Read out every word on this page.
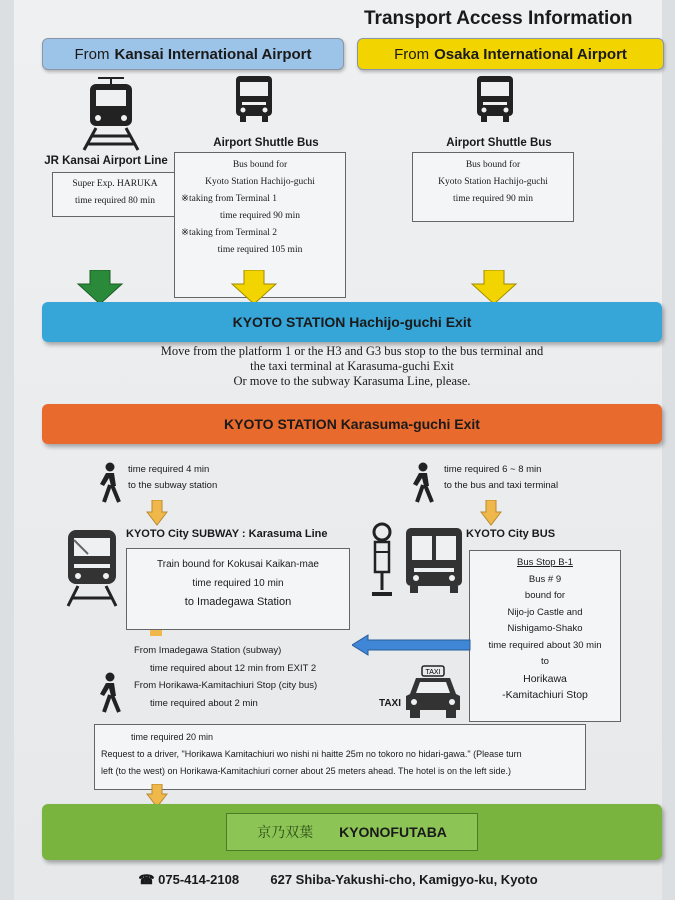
Transport Access Information
From Kansai International Airport	From Osaka International Airport
JR Kansai Airport Line
Super Exp. HARUKA
time required 80 min
Airport Shuttle Bus
Bus bound for
Kyoto Station Hachijo-guchi
※taking from Terminal 1
time required 90 min
※taking from Terminal 2
time required 105 min
Airport Shuttle Bus
Bus bound for
Kyoto Station Hachijo-guchi
time required 90 min
KYOTO STATION Hachijo-guchi Exit
Move from the platform 1 or the H3 and G3 bus stop to the bus terminal and
the taxi terminal at Karasuma-guchi Exit
Or move to the subway Karasuma Line, please.
KYOTO STATION Karasuma-guchi Exit
time required 4 min
to the subway station
time required 6 ~ 8 min
to the bus and taxi terminal
KYOTO City SUBWAY : Karasuma Line
Train bound for Kokusai Kaikan-mae
time required 10 min
to Imadegawa Station
KYOTO City BUS
Bus Stop B-1
Bus # 9
bound for
Nijo-jo Castle and
Nishigamo-Shako
time required about 30 min
to
Horikawa
-Kamitachiuri Stop
From Imadegawa Station (subway)
time required about 12 min from EXIT 2
From Horikawa-Kamitachiuri Stop (city bus)
time required about 2 min	TAXI
TAXI
time required 20 min
Request to a driver, "Horikawa Kamitachiuri wo nishi ni haitte 25m no tokoro no hidari-gawa." (Please turn
left (to the west) on Horikawa-Kamitachiuri corner about 25 meters ahead. The hotel is on the left side.)
京乃双葉 KYONOFUTABA
☎ 075-414-2108 627 Shiba-Yakushi-cho, Kamigyo-ku, Kyoto
